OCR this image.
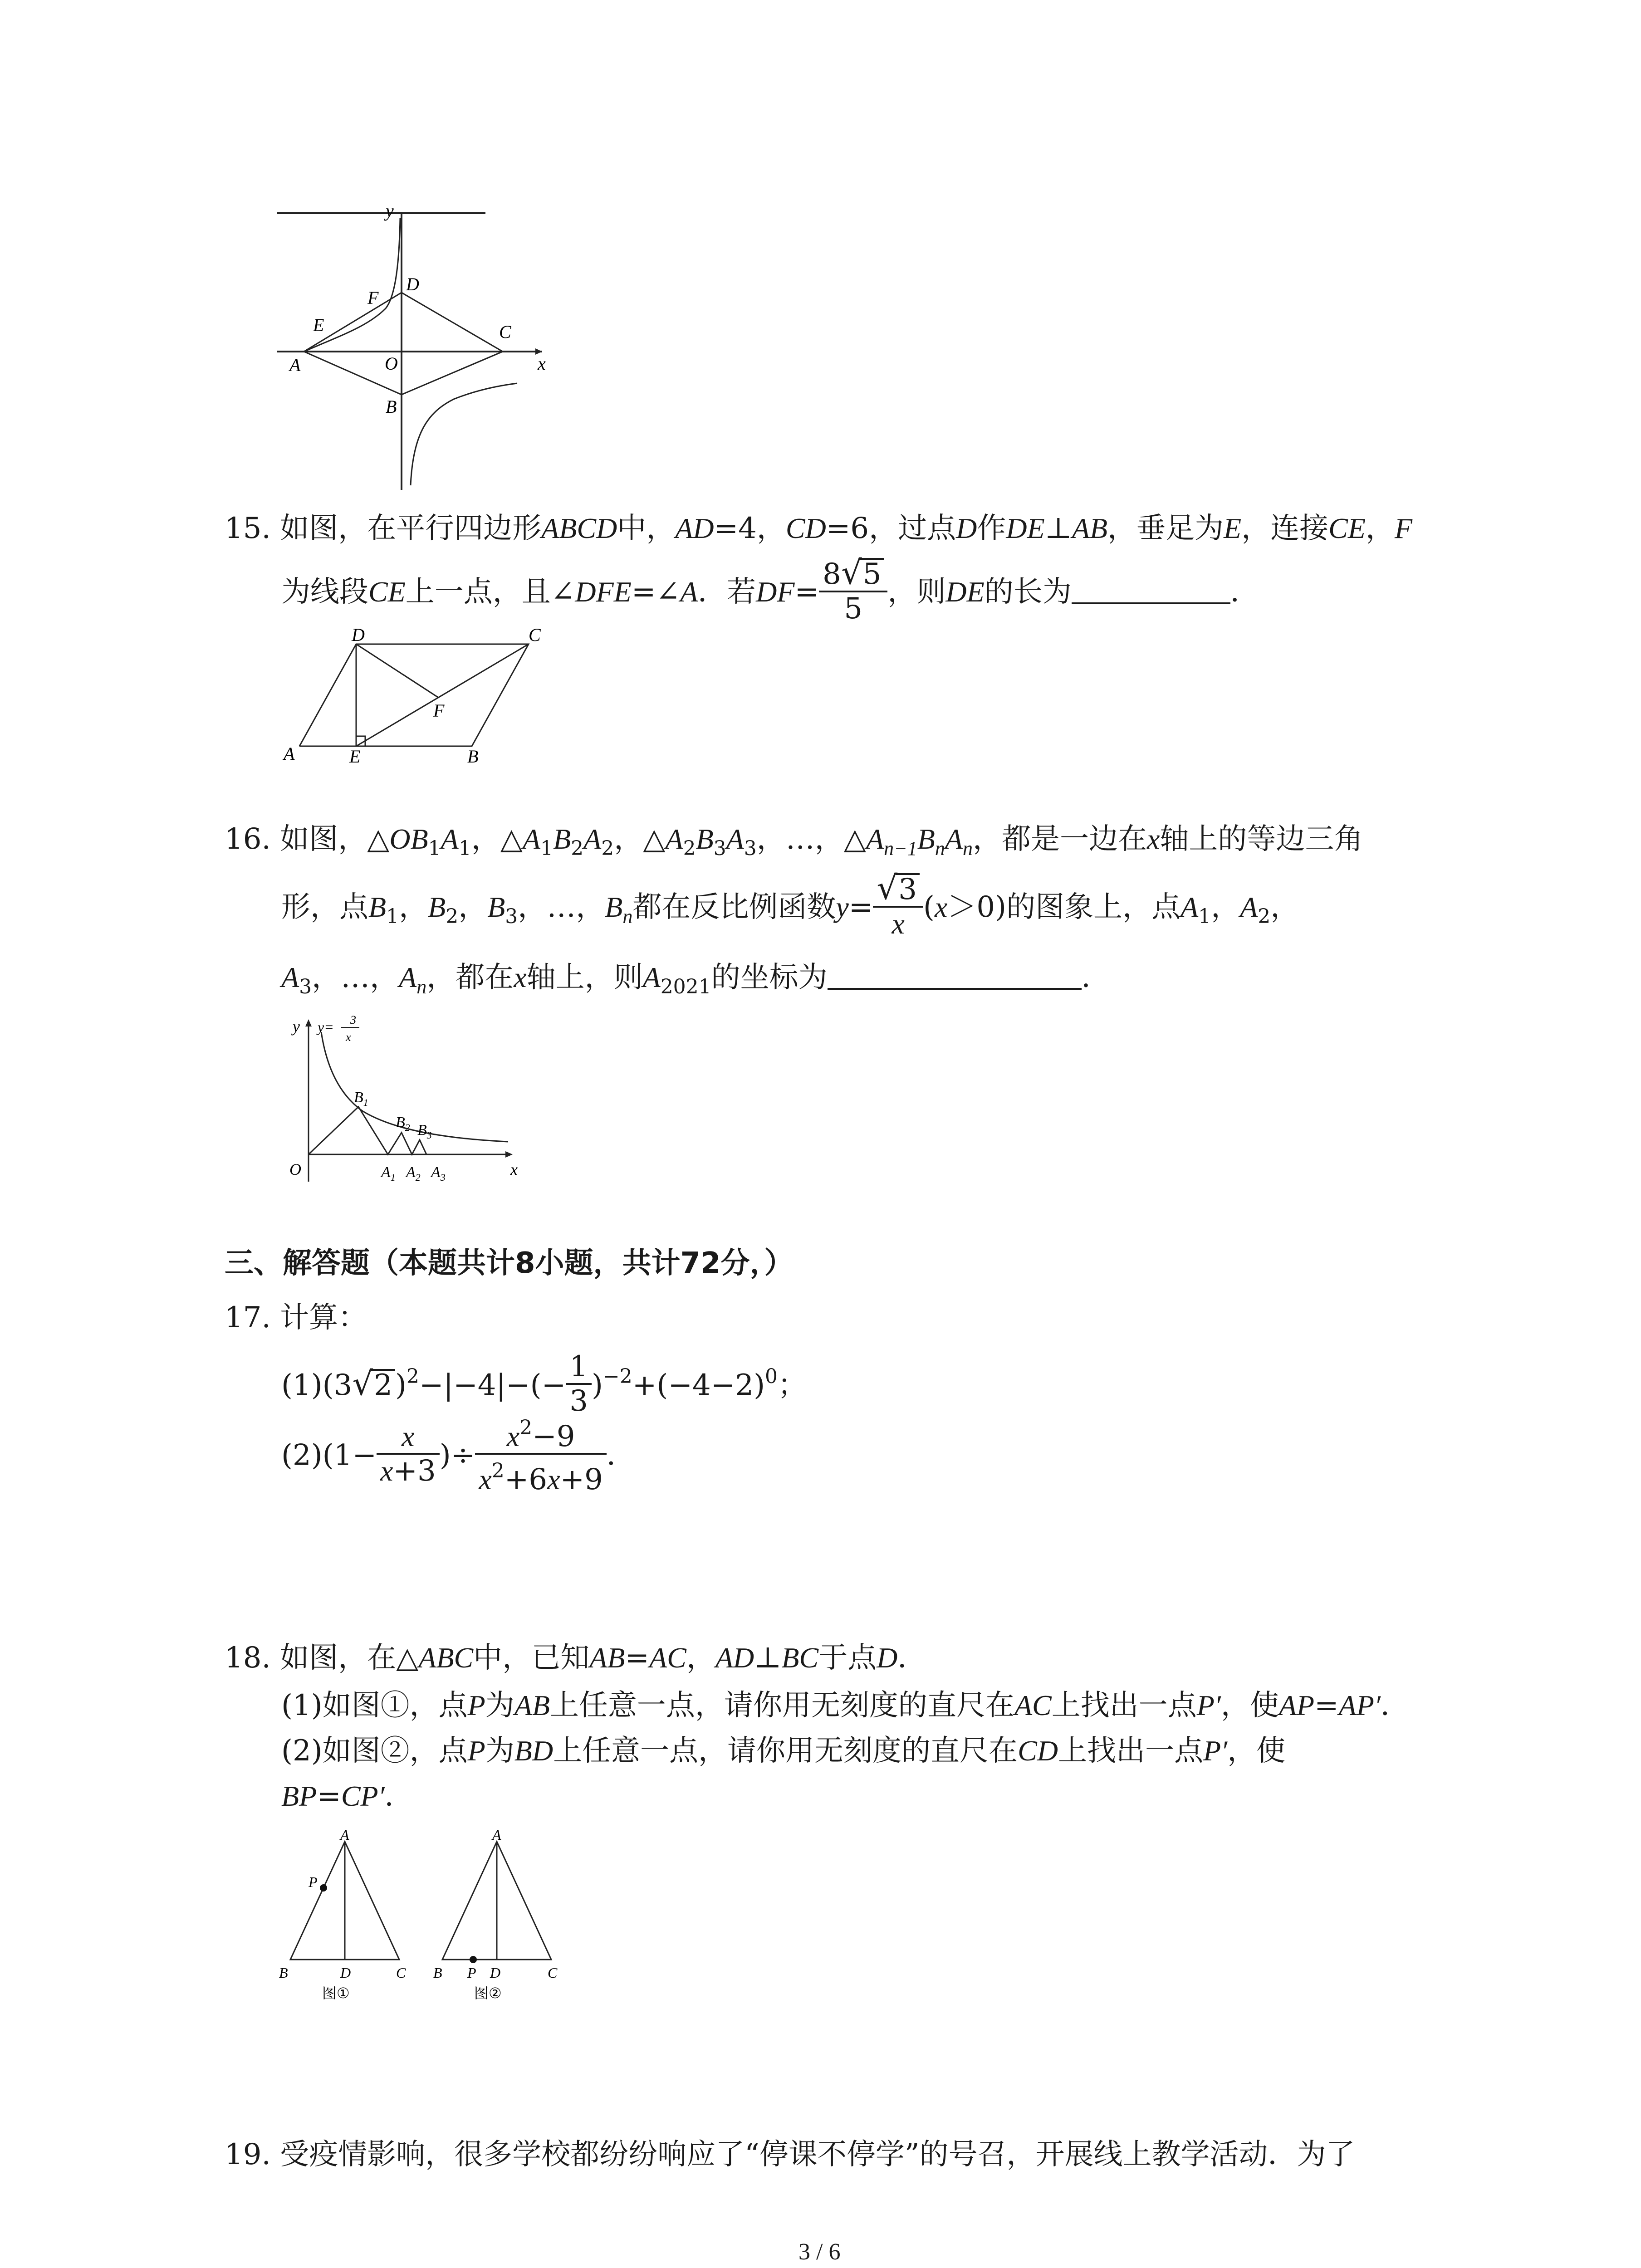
y
x
O
A
B
C
D
E
F
15. 如图，在平行四边形ABCD中，AD=4，CD=6，过点D作DE⊥AB，垂足为E，连接CE，F
为线段CE上一点，且∠DFE=∠A．若$DF= \frac{8√5}{5}$ ，则DE的长为	．
D	C
A	E	B
F
16. 如图，$\triangle OB_1A_1$，$\triangle A_1B_2A_2$，$\triangle A_2B_3A_3$，…，$\triangle A_{n-1}B_nA_n$，都是一边在x轴上的等边三角
形，点$B_1$，$B_2$，$B_3$，…，$B_n$都在反比例函数$y= \frac{√3}{x} (x>0)$的图象上，点$A_1$，$A_2$，
$A_3$，…，$A_n$，都在x轴上，则$A_{2021}$的坐标为	．
y y= 3
x
O	x
$B_1$
$B_2$ $B_3$
$A_1$ $A_2$ $A_3$
三、解答题（本题共计8小题，共计72分，）
17. 计算：
$(1)(3√2)^2-|-4|-(- \frac{1}{3} )^{-2}+(-4-2)^0$；
$(2)(1- \frac{x}{x+3}$ )÷ $\frac{x^2-9}{x^2+6x+9}$ ．
18. 如图，在△ABC中，已知AB=AC，AD⊥BC于点D．
(1)如图①，点P为AB上任意一点，请你用无刻度的直尺在AC上找出一点P′，使AP=AP′．
(2)如图②，点P为BD上任意一点，请你用无刻度的直尺在CD上找出一点P′，使
BP=CP′．
A
P
B	D	C
图①
A
B P D	C
图②
19. 受疫情影响，很多学校都纷纷响应了“停课不停学”的号召，开展线上教学活动．为了
3 / 6
